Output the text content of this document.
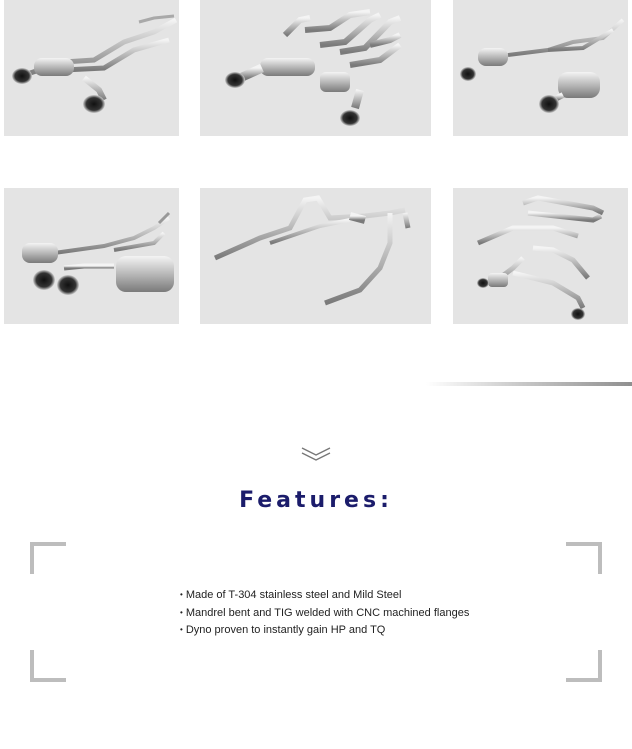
Features:
• Made of T-304 stainless steel and Mild Steel
• Mandrel bent and TIG welded with CNC machined flanges
• Dyno proven to instantly gain HP and TQ
